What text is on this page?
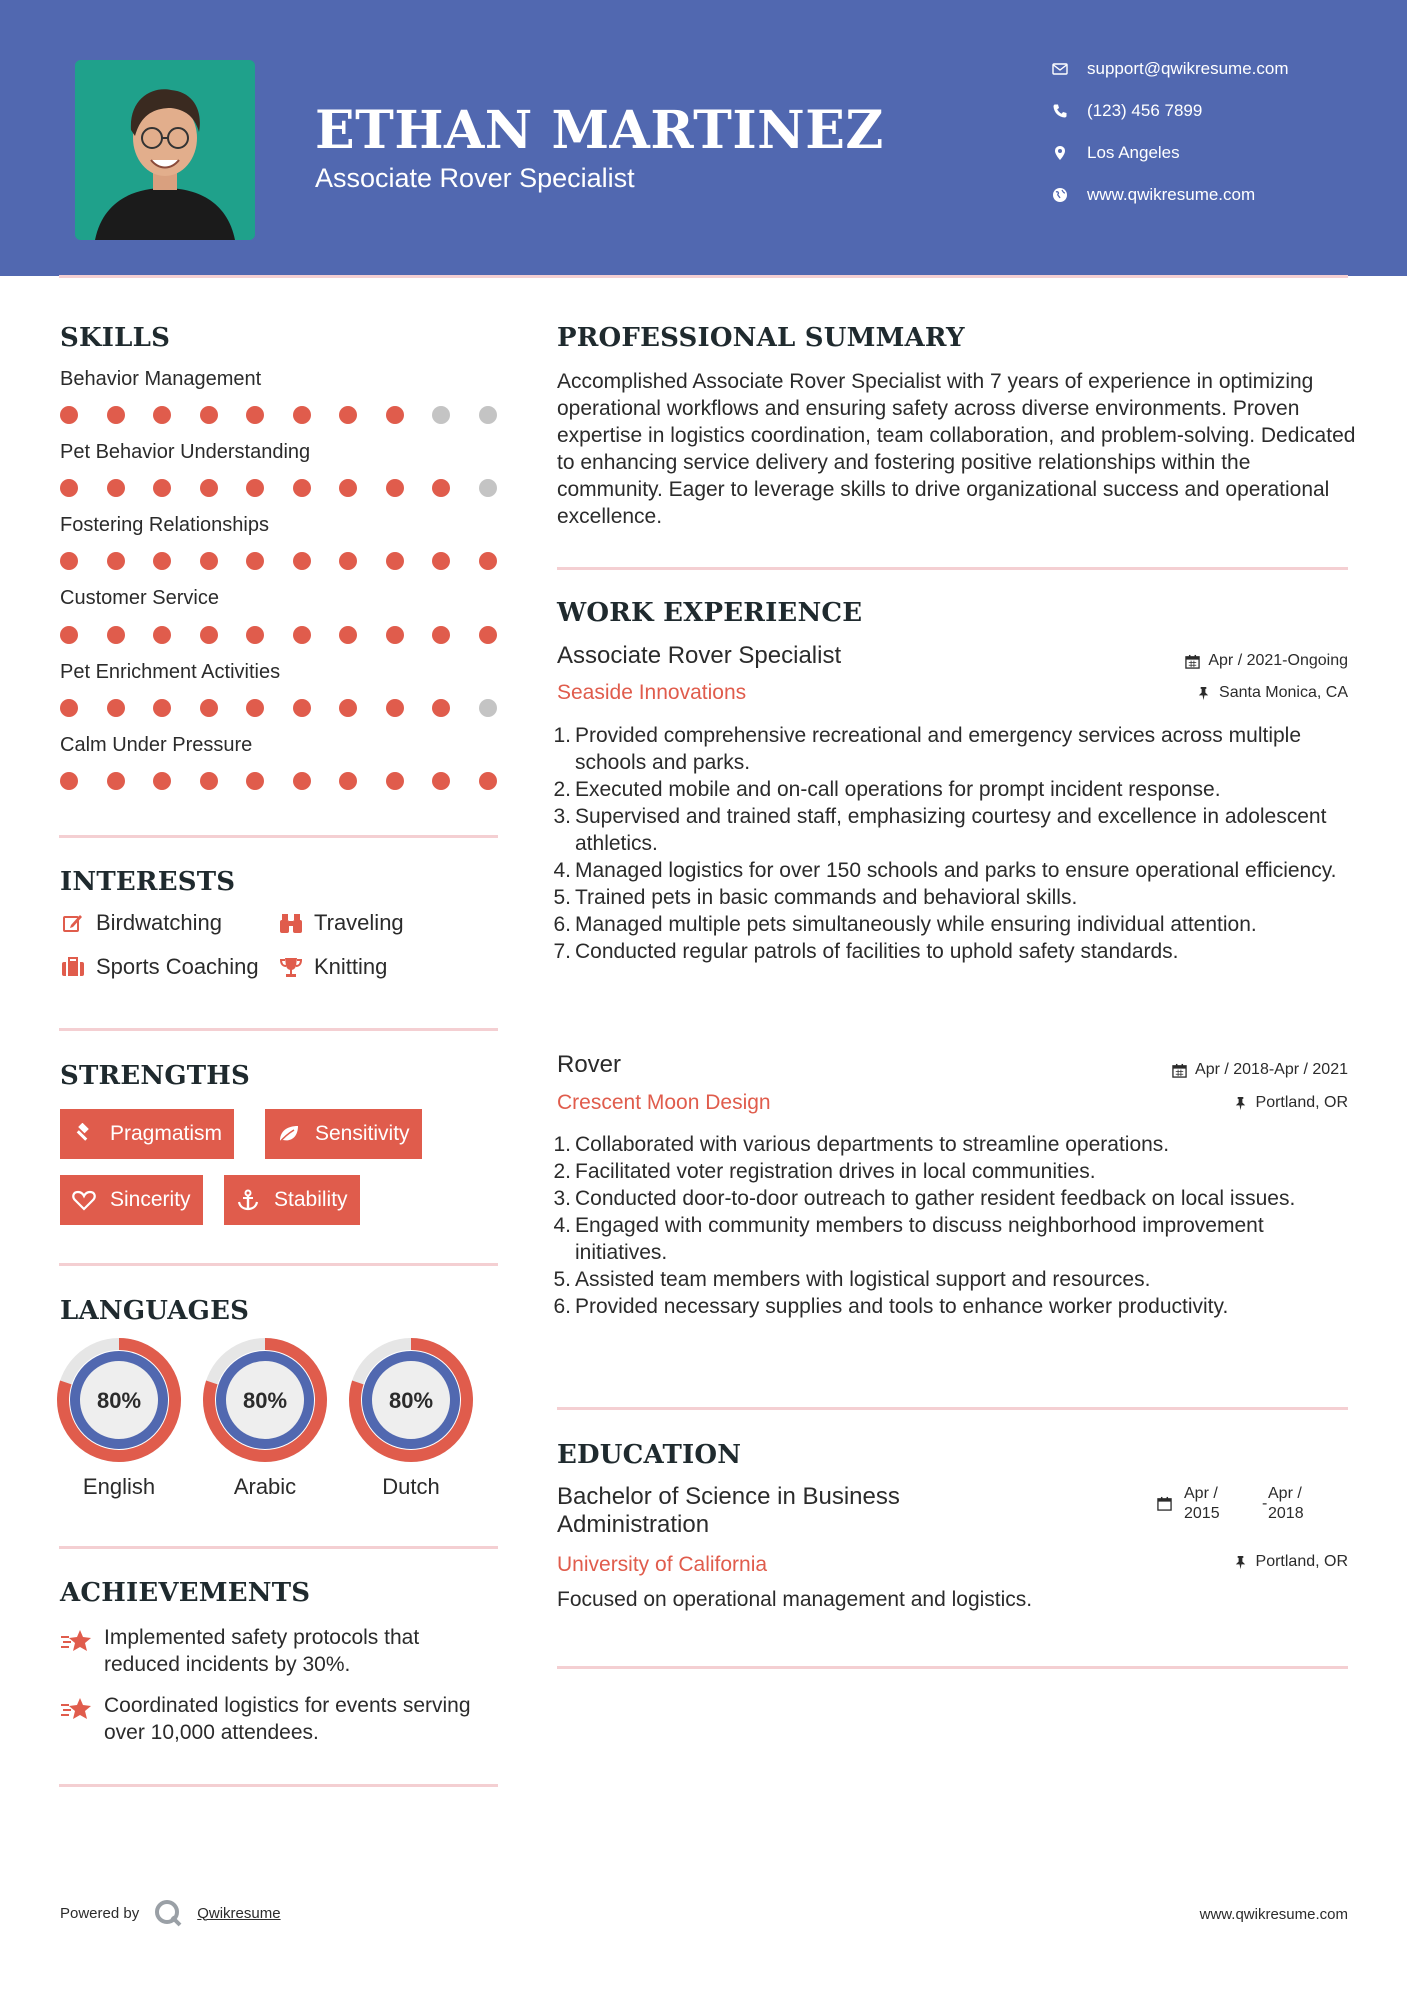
ETHAN MARTINEZ
Associate Rover Specialist
support@qwikresume.com
(123) 456 7899
Los Angeles
www.qwikresume.com
SKILLS
Behavior Management
Pet Behavior Understanding
Fostering Relationships
Customer Service
Pet Enrichment Activities
Calm Under Pressure
INTERESTS
Birdwatching	Traveling
Sports Coaching	Knitting
STRENGTHS
Pragmatism	Sensitivity
Sincerity	Stability
LANGUAGES
80%
English
80%
Arabic
80%
Dutch
ACHIEVEMENTS
Implemented safety protocols that reduced incidents by 30%.
Coordinated logistics for events serving over 10,000 attendees.
PROFESSIONAL SUMMARY
Accomplished Associate Rover Specialist with 7 years of experience in optimizing operational workflows and ensuring safety across diverse environments. Proven expertise in logistics coordination, team collaboration, and problem-solving. Dedicated to enhancing service delivery and fostering positive relationships within the community. Eager to leverage skills to drive organizational success and operational excellence.
WORK EXPERIENCE
Associate Rover Specialist	Apr / 2021-Ongoing
Seaside Innovations	Santa Monica, CA
Provided comprehensive recreational and emergency services across multiple schools and parks.
Executed mobile and on-call operations for prompt incident response.
Supervised and trained staff, emphasizing courtesy and excellence in adolescent athletics.
Managed logistics for over 150 schools and parks to ensure operational efficiency.
Trained pets in basic commands and behavioral skills.
Managed multiple pets simultaneously while ensuring individual attention.
Conducted regular patrols of facilities to uphold safety standards.
Rover	Apr / 2018-Apr / 2021
Crescent Moon Design	Portland, OR
Collaborated with various departments to streamline operations.
Facilitated voter registration drives in local communities.
Conducted door-to-door outreach to gather resident feedback on local issues.
Engaged with community members to discuss neighborhood improvement initiatives.
Assisted team members with logistical support and resources.
Provided necessary supplies and tools to enhance worker productivity.
EDUCATION
Bachelor of Science in Business Administration
Apr / 2015
-
Apr / 2018
University of California	Portland, OR
Focused on operational management and logistics.
Powered by	Qwikresume	www.qwikresume.com
